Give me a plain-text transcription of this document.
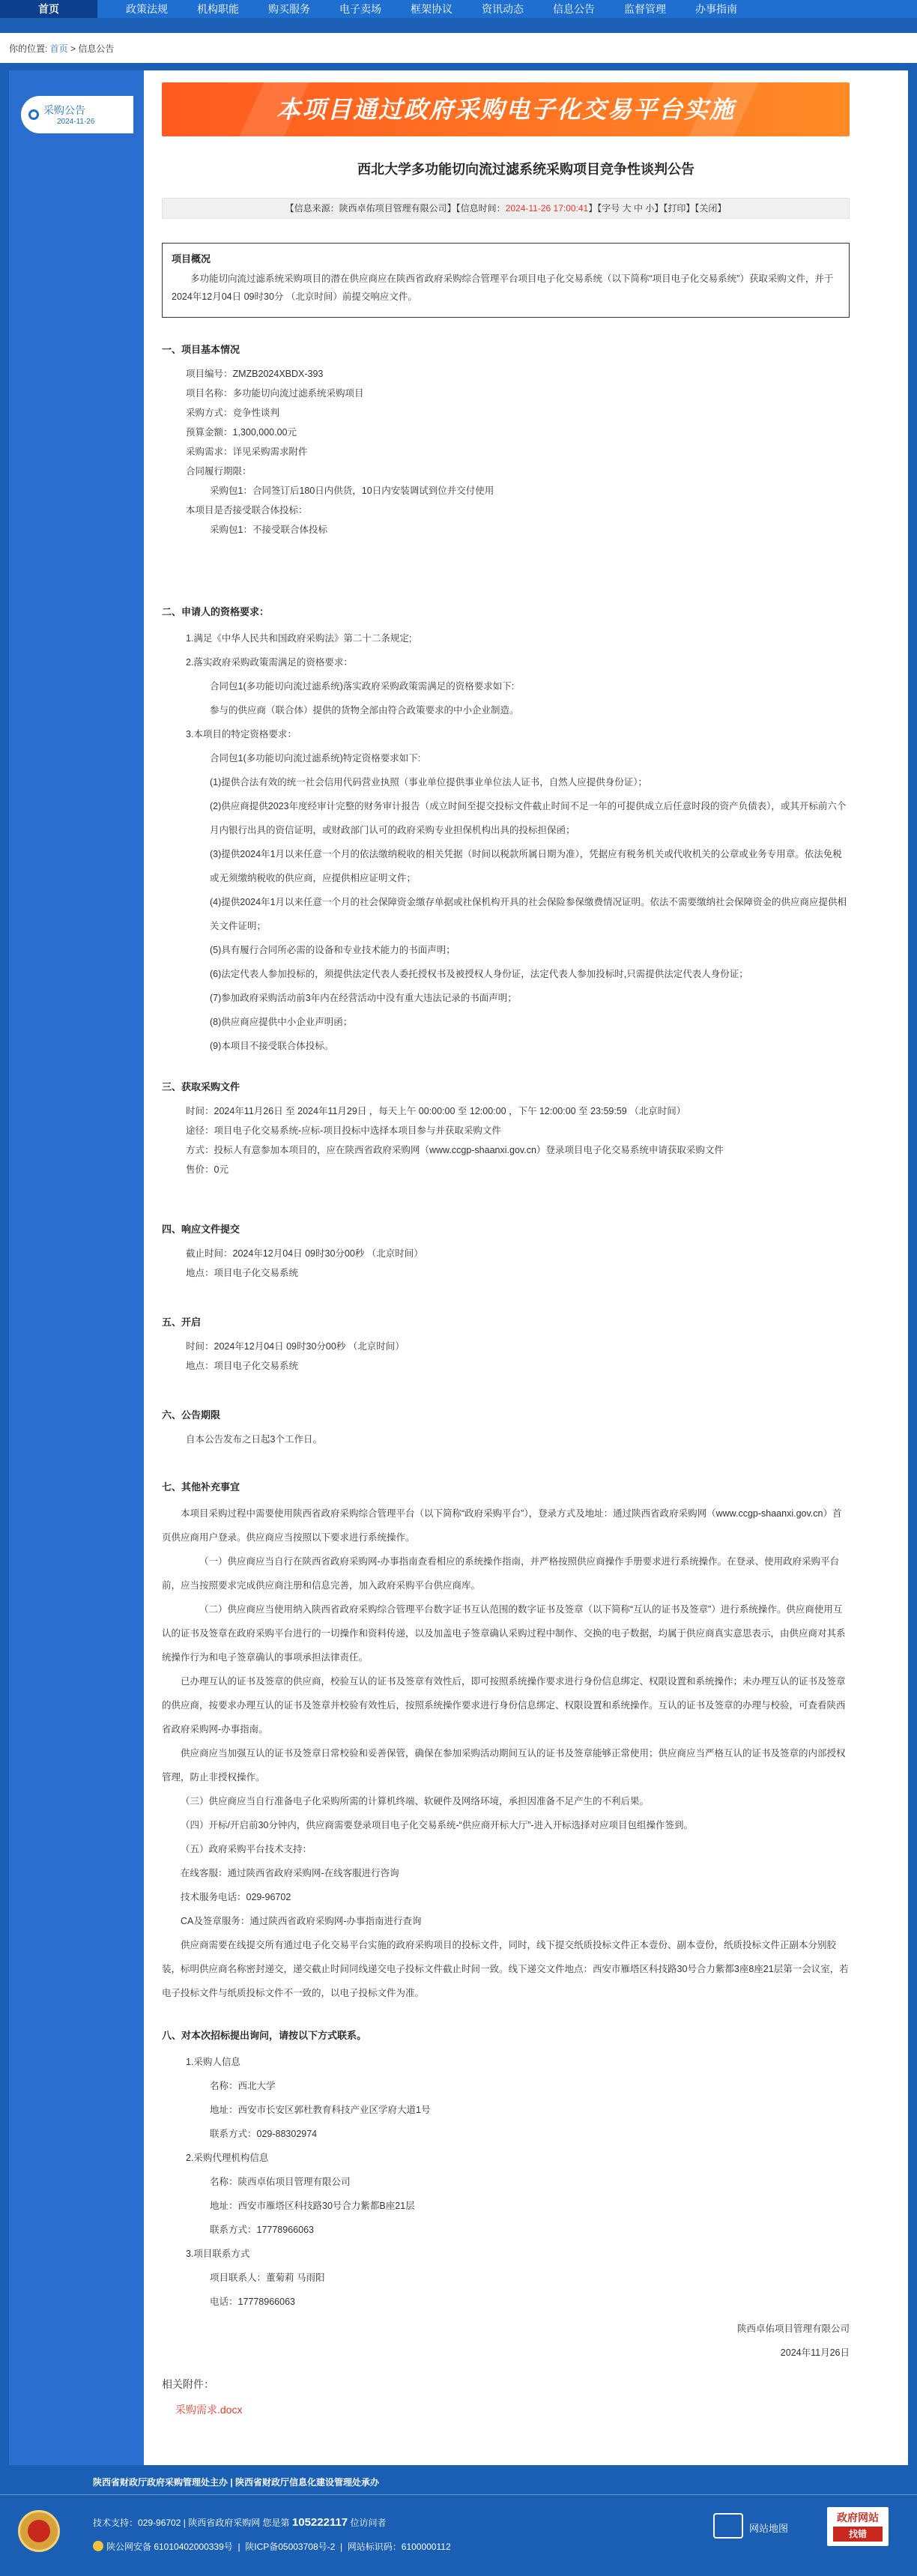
首页	政策法规	机构职能	购买服务	电子卖场	框架协议	资讯动态	信息公告	监督管理	办事指南
你的位置: 首页 > 信息公告
采购公告
2024-11-26	本项目通过政府采购电子化交易平台实施
西北大学多功能切向流过滤系统采购项目竞争性谈判公告
【信息来源：陕西卓佑项目管理有限公司】【信息时间：2024-11-26 17:00:41】【字号 大 中 小】【打印】【关闭】
项目概况

多功能切向流过滤系统采购项目的潜在供应商应在陕西省政府采购综合管理平台项目电子化交易系统（以下简称“项目电子化交易系统”）获取采购文件，并于 2024年12月04日 09时30分 （北京时间）前提交响应文件。

一、项目基本情况
项目编号：ZMZB2024XBDX-393
项目名称：多功能切向流过滤系统采购项目
采购方式：竞争性谈判
预算金额：1,300,000.00元
采购需求：详见采购需求附件
合同履行期限：
采购包1：合同签订后180日内供货，10日内安装调试到位并交付使用
本项目是否接受联合体投标：
采购包1：不接受联合体投标
二、申请人的资格要求：
1.满足《中华人民共和国政府采购法》第二十二条规定;
2.落实政府采购政策需满足的资格要求：
合同包1(多功能切向流过滤系统)落实政府采购政策需满足的资格要求如下:
参与的供应商（联合体）提供的货物全部由符合政策要求的中小企业制造。
3.本项目的特定资格要求：
合同包1(多功能切向流过滤系统)特定资格要求如下:
(1)提供合法有效的统一社会信用代码营业执照（事业单位提供事业单位法人证书，自然人应提供身份证）；
(2)供应商提供2023年度经审计完整的财务审计报告（成立时间至提交投标文件截止时间不足一年的可提供成立后任意时段的资产负债表），或其开标前六个月内银行出具的资信证明，或财政部门认可的政府采购专业担保机构出具的投标担保函；
(3)提供2024年1月以来任意一个月的依法缴纳税收的相关凭据（时间以税款所属日期为准），凭据应有税务机关或代收机关的公章或业务专用章。依法免税或无须缴纳税收的供应商，应提供相应证明文件；
(4)提供2024年1月以来任意一个月的社会保障资金缴存单据或社保机构开具的社会保险参保缴费情况证明。依法不需要缴纳社会保障资金的供应商应提供相关文件证明；
(5)具有履行合同所必需的设备和专业技术能力的书面声明；
(6)法定代表人参加投标的，须提供法定代表人委托授权书及被授权人身份证，法定代表人参加投标时,只需提供法定代表人身份证；
(7)参加政府采购活动前3年内在经营活动中没有重大违法记录的书面声明；
(8)供应商应提供中小企业声明函；
(9)本项目不接受联合体投标。
三、获取采购文件
时间：2024年11月26日 至 2024年11月29日 ，每天上午 00:00:00 至 12:00:00 ，下午 12:00:00 至 23:59:59 （北京时间）
途径：项目电子化交易系统-应标-项目投标中选择本项目参与并获取采购文件
方式：投标人有意参加本项目的，应在陕西省政府采购网（www.ccgp-shaanxi.gov.cn）登录项目电子化交易系统申请获取采购文件
售价：0元
四、响应文件提交
截止时间：2024年12月04日 09时30分00秒 （北京时间）
地点：项目电子化交易系统
五、开启
时间：2024年12月04日 09时30分00秒 （北京时间）
地点：项目电子化交易系统
六、公告期限
自本公告发布之日起3个工作日。
七、其他补充事宜
本项目采购过程中需要使用陕西省政府采购综合管理平台（以下简称“政府采购平台”），登录方式及地址：通过陕西省政府采购网（www.ccgp-shaanxi.gov.cn）首页供应商用户登录。供应商应当按照以下要求进行系统操作。
（一）供应商应当自行在陕西省政府采购网-办事指南查看相应的系统操作指南，并严格按照供应商操作手册要求进行系统操作。在登录、使用政府采购平台前，应当按照要求完成供应商注册和信息完善，加入政府采购平台供应商库。
（二）供应商应当使用纳入陕西省政府采购综合管理平台数字证书互认范围的数字证书及签章（以下简称“互认的证书及签章”）进行系统操作。供应商使用互认的证书及签章在政府采购平台进行的一切操作和资料传递，以及加盖电子签章确认采购过程中制作、交换的电子数据，均属于供应商真实意思表示，由供应商对其系统操作行为和电子签章确认的事项承担法律责任。
已办理互认的证书及签章的供应商，校验互认的证书及签章有效性后，即可按照系统操作要求进行身份信息绑定、权限设置和系统操作；未办理互认的证书及签章的供应商，按要求办理互认的证书及签章并校验有效性后，按照系统操作要求进行身份信息绑定、权限设置和系统操作。互认的证书及签章的办理与校验，可查看陕西省政府采购网-办事指南。
供应商应当加强互认的证书及签章日常校验和妥善保管，确保在参加采购活动期间互认的证书及签章能够正常使用；供应商应当严格互认的证书及签章的内部授权管理，防止非授权操作。
（三）供应商应当自行准备电子化采购所需的计算机终端、软硬件及网络环境，承担因准备不足产生的不利后果。
（四）开标/开启前30分钟内，供应商需要登录项目电子化交易系统-“供应商开标大厅”-进入开标选择对应项目包组操作签到。
（五）政府采购平台技术支持：
在线客服：通过陕西省政府采购网-在线客服进行咨询
技术服务电话：029-96702
CA及签章服务：通过陕西省政府采购网-办事指南进行查询
供应商需要在线提交所有通过电子化交易平台实施的政府采购项目的投标文件，同时，线下提交纸质投标文件正本壹份、副本壹份，纸质投标文件正副本分别胶装，标明供应商名称密封递交，递交截止时间同线递交电子投标文件截止时间一致。线下递交文件地点：西安市雁塔区科技路30号合力紫都3座8座21层第一会议室，若电子投标文件与纸质投标文件不一致的，以电子投标文件为准。
八、对本次招标提出询问，请按以下方式联系。
1.采购人信息
名称：西北大学
地址：西安市长安区郭杜教育科技产业区学府大道1号
联系方式：029-88302974
2.采购代理机构信息
名称：陕西卓佑项目管理有限公司
地址：西安市雁塔区科技路30号合力紫都B座21层
联系方式：17778966063
3.项目联系方式
项目联系人：董菊莉 马雨阳
电话：17778966063
陕西卓佑项目管理有限公司
2024年11月26日
相关附件：
采购需求.docx
陕西省财政厅政府采购管理处主办 | 陕西省财政厅信息化建设管理处承办
技术支持：029-96702 | 陕西省政府采购网 您是第 105222117 位访问者
陕公网安备 61010402000339号  |  陕ICP备05003708号-2  |  网站标识码：6100000112
网站地图
政府网站
找错
